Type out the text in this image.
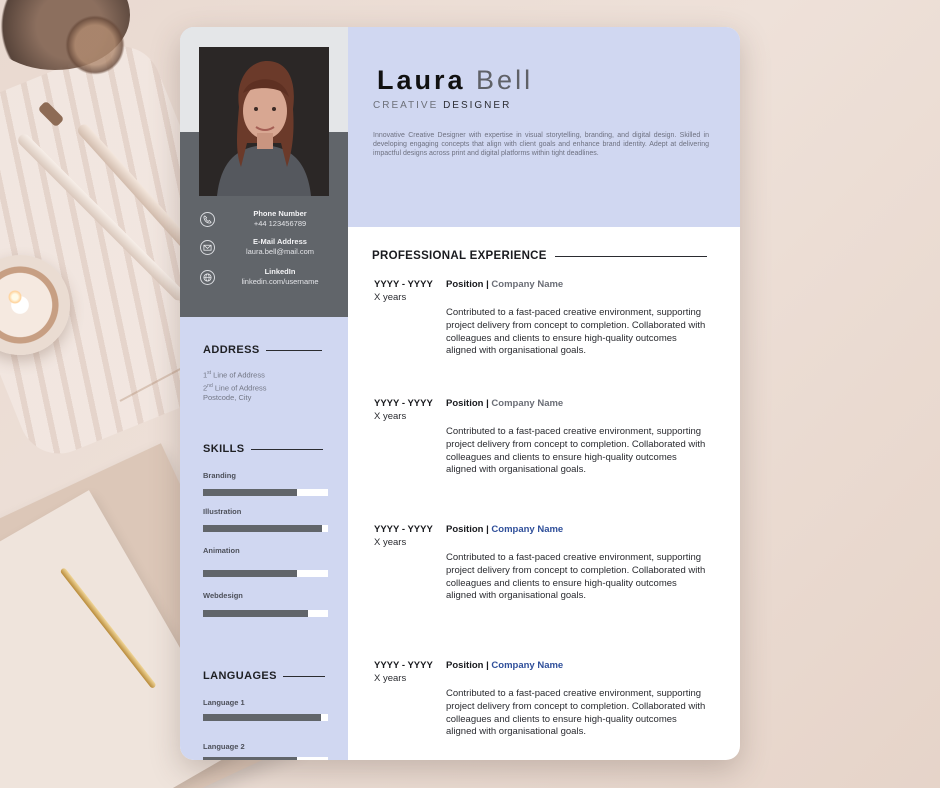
Phone Number
+44 123456789
E-Mail Address
laura.bell@mail.com
LinkedIn
linkedin.com/username
ADDRESS
1st Line of Address
2nd Line of Address
Postcode, City
SKILLS
Branding
Illustration
Animation
Webdesign
LANGUAGES
Language 1
Language 2
Laura Bell
CREATIVE DESIGNER

Innovative Creative Designer with expertise in visual storytelling, branding, and digital design. Skilled in developing engaging concepts that align with client goals and enhance brand identity. Adept at delivering impactful designs across print and digital platforms within tight deadlines.

PROFESSIONAL EXPERIENCE
YYYY - YYYY
X years
Position | Company Name

Contributed to a fast-paced creative environment, supporting project delivery from concept to completion. Collaborated with colleagues and clients to ensure high-quality outcomes aligned with organisational goals.

YYYY - YYYY
X years
Position | Company Name

Contributed to a fast-paced creative environment, supporting project delivery from concept to completion. Collaborated with colleagues and clients to ensure high-quality outcomes aligned with organisational goals.

YYYY - YYYY
X years
Position | Company Name

Contributed to a fast-paced creative environment, supporting project delivery from concept to completion. Collaborated with colleagues and clients to ensure high-quality outcomes aligned with organisational goals.

YYYY - YYYY
X years
Position | Company Name

Contributed to a fast-paced creative environment, supporting project delivery from concept to completion. Collaborated with colleagues and clients to ensure high-quality outcomes aligned with organisational goals.
